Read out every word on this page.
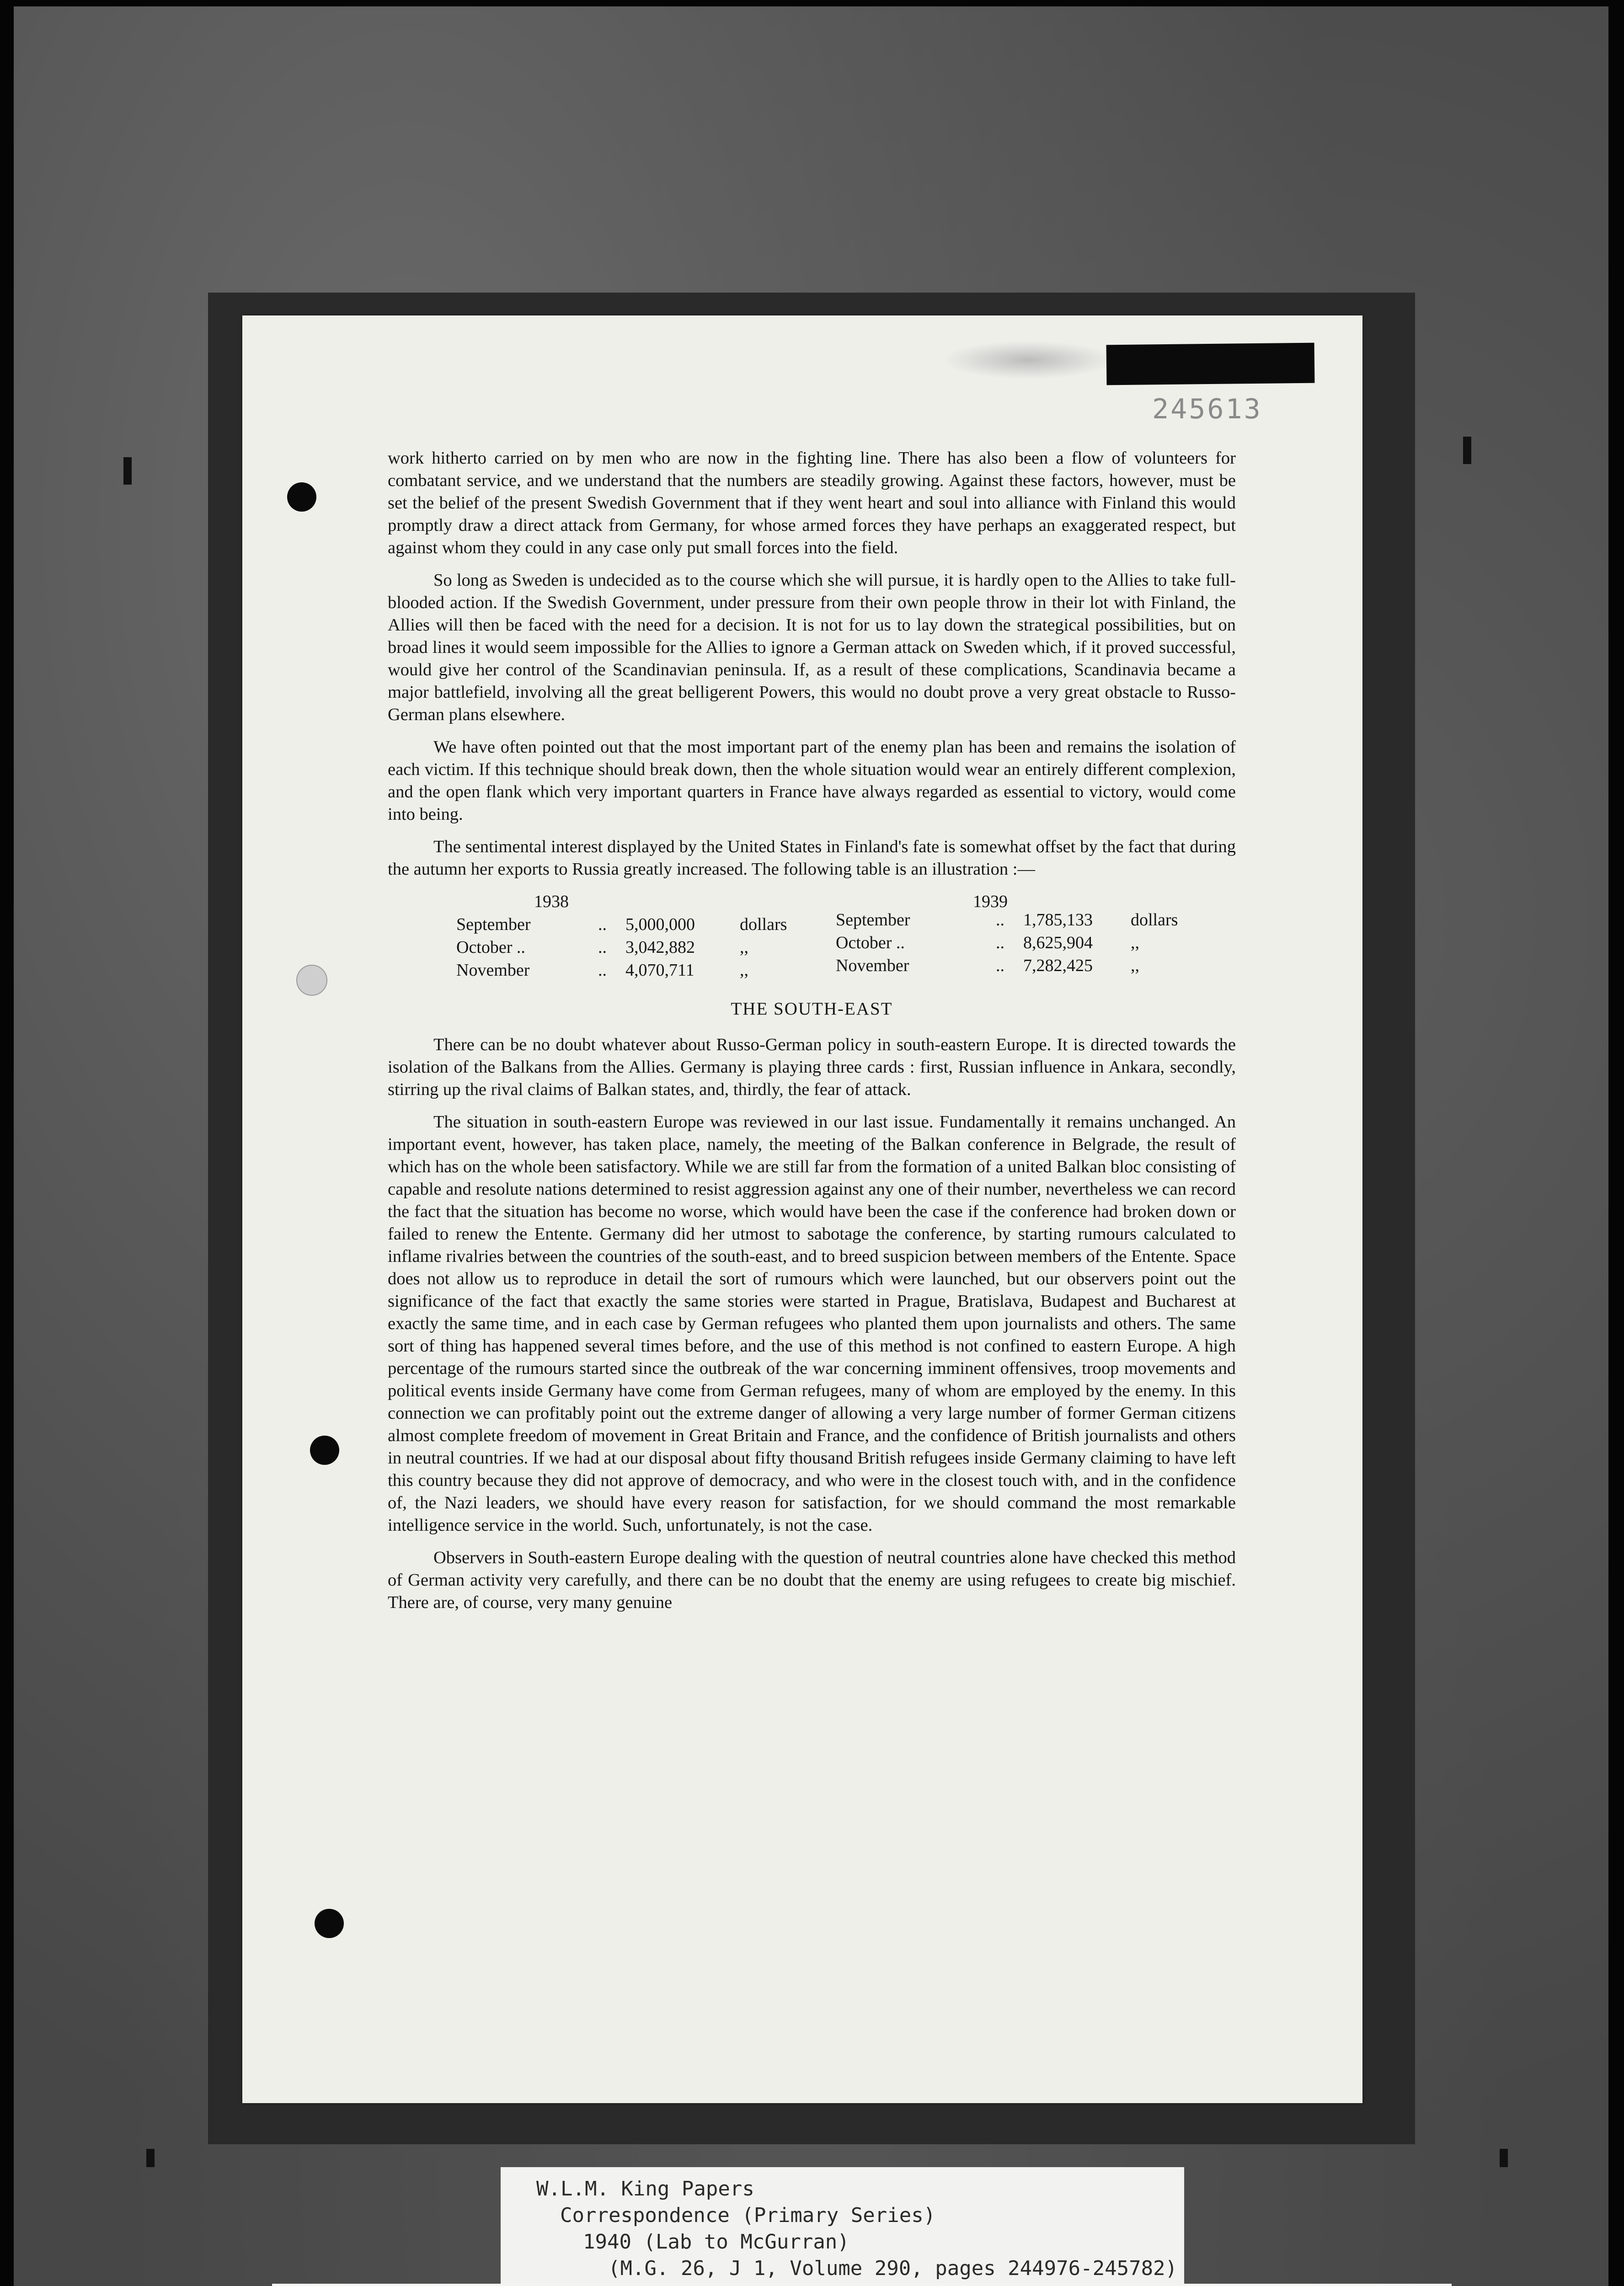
245613

work hitherto carried on by men who are now in the fighting line. There has also been a flow of volunteers for combatant service, and we understand that the numbers are steadily growing. Against these factors, however, must be set the belief of the present Swedish Government that if they went heart and soul into alliance with Finland this would promptly draw a direct attack from Germany, for whose armed forces they have perhaps an exaggerated respect, but against whom they could in any case only put small forces into the field.

So long as Sweden is undecided as to the course which she will pursue, it is hardly open to the Allies to take full-blooded action. If the Swedish Government, under pressure from their own people throw in their lot with Finland, the Allies will then be faced with the need for a decision. It is not for us to lay down the strategical possibilities, but on broad lines it would seem impossible for the Allies to ignore a German attack on Sweden which, if it proved successful, would give her control of the Scandinavian peninsula. If, as a result of these complications, Scandinavia became a major battlefield, involving all the great belligerent Powers, this would no doubt prove a very great obstacle to Russo-German plans elsewhere.

We have often pointed out that the most important part of the enemy plan has been and remains the isolation of each victim. If this technique should break down, then the whole situation would wear an entirely different complexion, and the open flank which very important quarters in France have always regarded as essential to victory, would come into being.

The sentimental interest displayed by the United States in Finland's fate is somewhat offset by the fact that during the autumn her exports to Russia greatly increased. The following table is an illustration :—

1938
September	.. 5,000,000	dollars
October ..	.. 3,042,882	,,
November	.. 4,070,711	,,
1939
September	.. 1,785,133 dollars
October ..	.. 8,625,904 ,,
November	.. 7,282,425 ,,
THE SOUTH-EAST

There can be no doubt whatever about Russo-German policy in south-eastern Europe. It is directed towards the isolation of the Balkans from the Allies. Germany is playing three cards : first, Russian influence in Ankara, secondly, stirring up the rival claims of Balkan states, and, thirdly, the fear of attack.

The situation in south-eastern Europe was reviewed in our last issue. Fundamentally it remains unchanged. An important event, however, has taken place, namely, the meeting of the Balkan conference in Belgrade, the result of which has on the whole been satisfactory. While we are still far from the formation of a united Balkan bloc consisting of capable and resolute nations determined to resist aggression against any one of their number, nevertheless we can record the fact that the situation has become no worse, which would have been the case if the conference had broken down or failed to renew the Entente. Germany did her utmost to sabotage the conference, by starting rumours calculated to inflame rivalries between the countries of the south-east, and to breed suspicion between members of the Entente. Space does not allow us to reproduce in detail the sort of rumours which were launched, but our observers point out the significance of the fact that exactly the same stories were started in Prague, Bratislava, Budapest and Bucharest at exactly the same time, and in each case by German refugees who planted them upon journalists and others. The same sort of thing has happened several times before, and the use of this method is not confined to eastern Europe. A high percentage of the rumours started since the outbreak of the war concerning imminent offensives, troop movements and political events inside Germany have come from German refugees, many of whom are employed by the enemy. In this connection we can profitably point out the extreme danger of allowing a very large number of former German citizens almost complete freedom of movement in Great Britain and France, and the confidence of British journalists and others in neutral countries. If we had at our disposal about fifty thousand British refugees inside Germany claiming to have left this country because they did not approve of democracy, and who were in the closest touch with, and in the confidence of, the Nazi leaders, we should have every reason for satisfaction, for we should command the most remarkable intelligence service in the world. Such, unfortunately, is not the case.

Observers in South-eastern Europe dealing with the question of neutral countries alone have checked this method of German activity very carefully, and there can be no doubt that the enemy are using refugees to create big mischief. There are, of course, very many genuine

W.L.M. King Papers
Correspondence (Primary Series)
1940 (Lab to McGurran)
(M.G. 26, J 1, Volume 290, pages 244976-245782)
